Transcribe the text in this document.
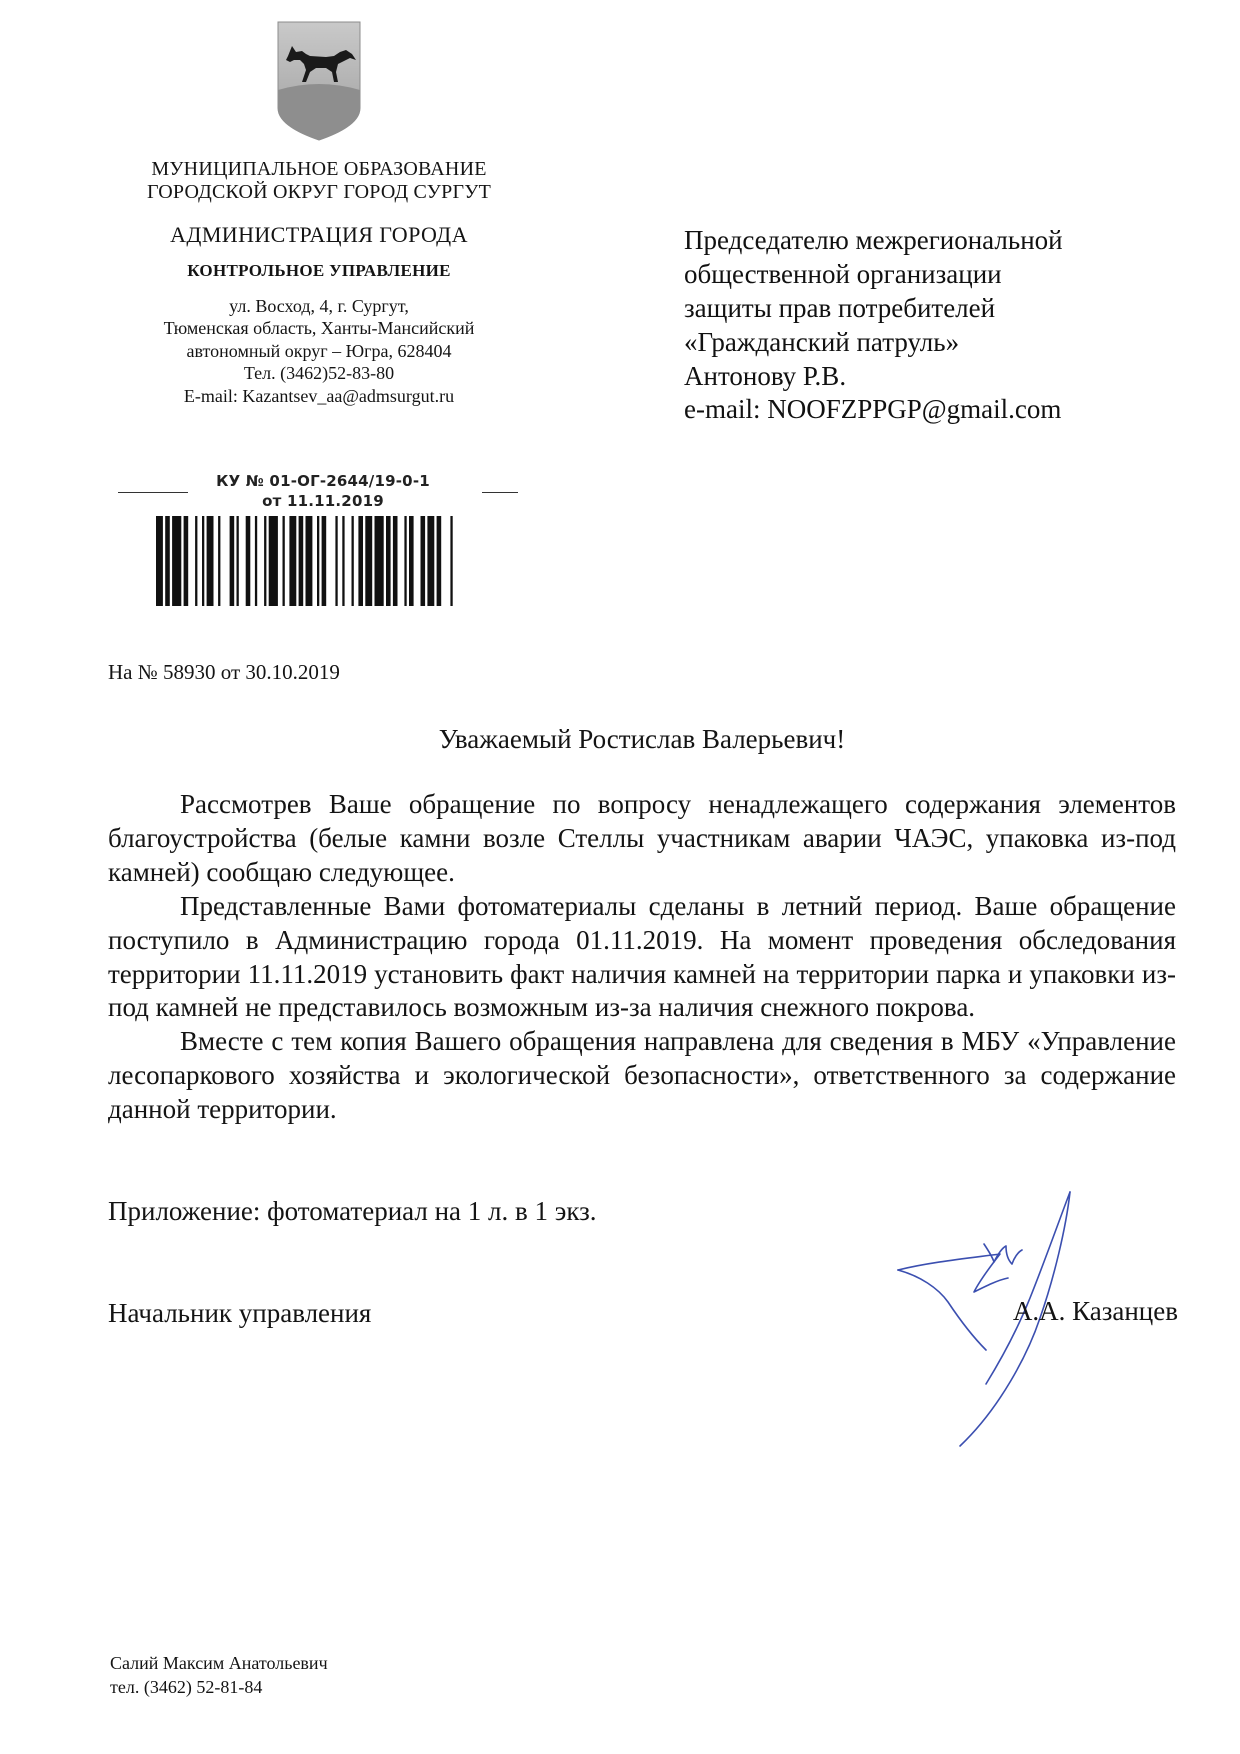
МУНИЦИПАЛЬНОЕ ОБРАЗОВАНИЕ
ГОРОДСКОЙ ОКРУГ ГОРОД СУРГУТ
АДМИНИСТРАЦИЯ ГОРОДА
КОНТРОЛЬНОЕ УПРАВЛЕНИЕ
ул. Восход, 4, г. Сургут,
Тюменская область, Ханты-Мансийский
автономный округ – Югра, 628404
Тел. (3462)52-83-80
E-mail: Kazantsev_aa@admsurgut.ru
КУ № 01-ОГ-2644/19-0-1
от 11.11.2019
Председателю межрегиональной
общественной организации
защиты прав потребителей
«Гражданский патруль»
Антонову Р.В.
e-mail: NOOFZPPGP@gmail.com
На № 58930 от 30.10.2019
Уважаемый Ростислав Валерьевич!

Рассмотрев Ваше обращение по вопросу ненадлежащего содержания элементов благоустройства (белые камни возле Стеллы участникам аварии ЧАЭС, упаковка из-под камней) сообщаю следующее.

Представленные Вами фотоматериалы сделаны в летний период. Ваше обращение поступило в Администрацию города 01.11.2019. На момент проведения обследования территории 11.11.2019 установить факт наличия камней на территории парка и упаковки из-под камней не представилось возможным из-за наличия снежного покрова.

Вместе с тем копия Вашего обращения направлена для сведения в МБУ «Управление лесопаркового хозяйства и экологической безопасности», ответственного за содержание данной территории.

Приложение: фотоматериал на 1 л. в 1 экз.
Начальник управления	А.А. Казанцев
Салий Максим Анатольевич
тел. (3462) 52-81-84
